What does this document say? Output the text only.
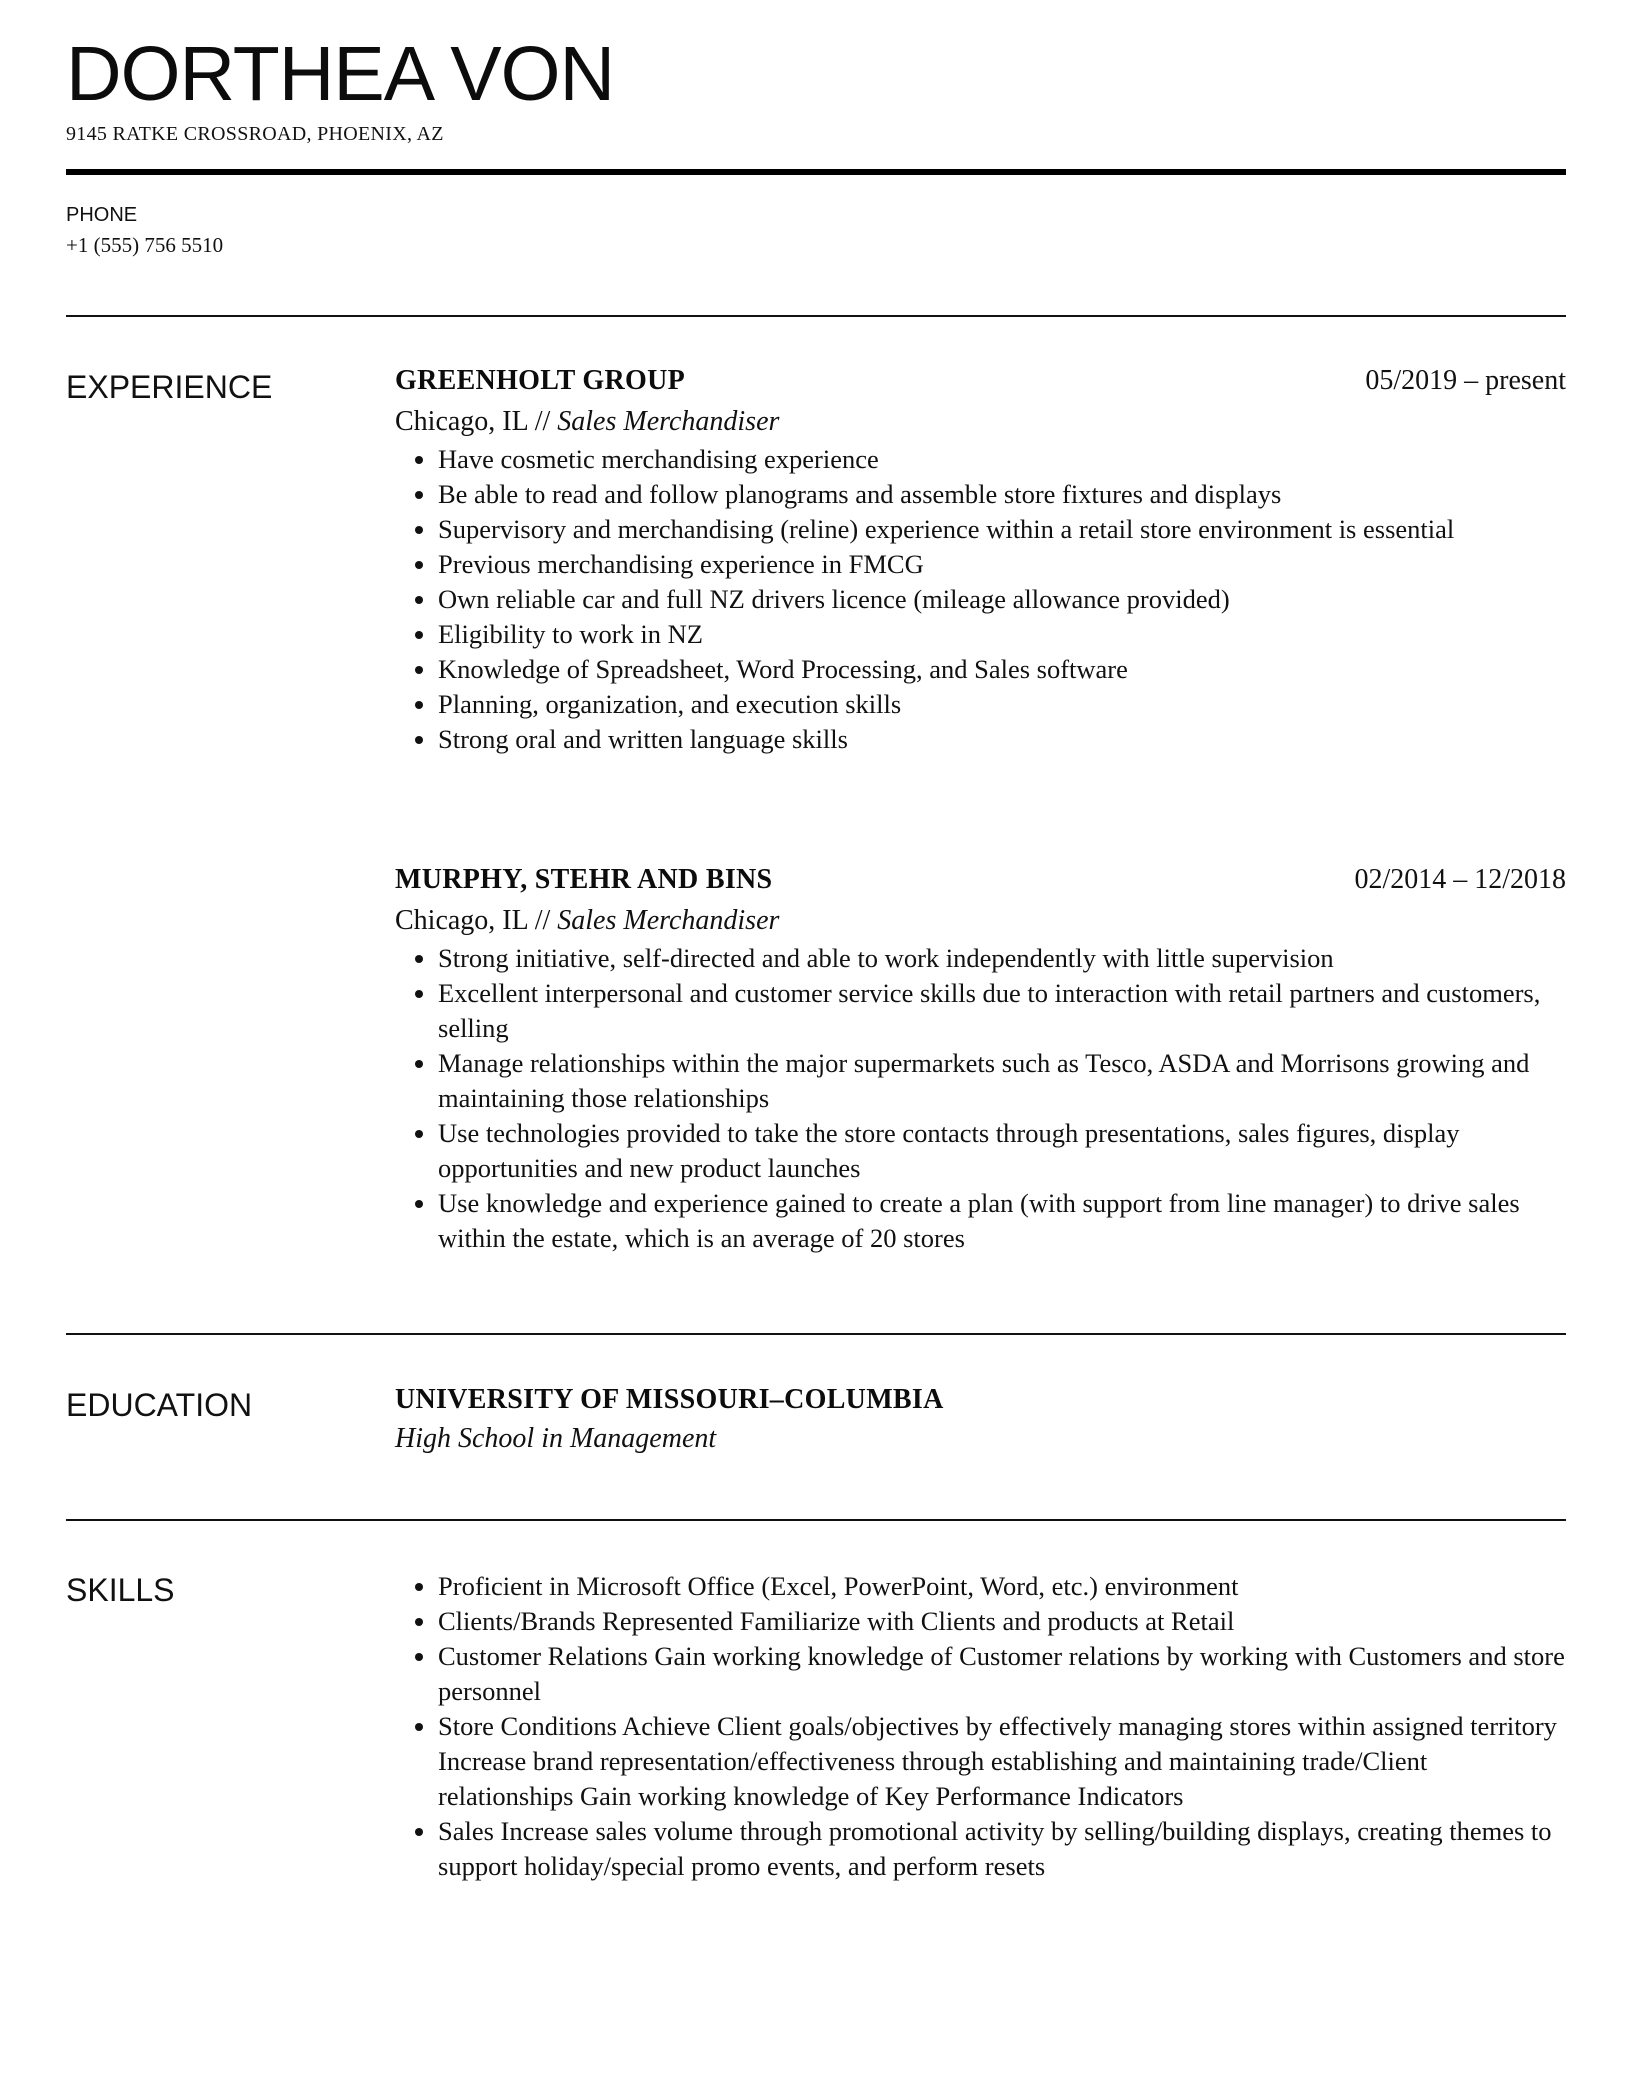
DORTHEA VON
9145 RATKE CROSSROAD, PHOENIX, AZ
PHONE
+1 (555) 756 5510
EXPERIENCE	GREENHOLT GROUP	05/2019 – present
Chicago, IL // Sales Merchandiser
Have cosmetic merchandising experience
Be able to read and follow planograms and assemble store fixtures and displays
Supervisory and merchandising (reline) experience within a retail store environment is essential
Previous merchandising experience in FMCG
Own reliable car and full NZ drivers licence (mileage allowance provided)
Eligibility to work in NZ
Knowledge of Spreadsheet, Word Processing, and Sales software
Planning, organization, and execution skills
Strong oral and written language skills
MURPHY, STEHR AND BINS	02/2014 – 12/2018
Chicago, IL // Sales Merchandiser
Strong initiative, self-directed and able to work independently with little supervision
Excellent interpersonal and customer service skills due to interaction with retail partners and customers, selling
Manage relationships within the major supermarkets such as Tesco, ASDA and Morrisons growing and maintaining those relationships
Use technologies provided to take the store contacts through presentations, sales figures, display opportunities and new product launches
Use knowledge and experience gained to create a plan (with support from line manager) to drive sales within the estate, which is an average of 20 stores
EDUCATION	UNIVERSITY OF MISSOURI–COLUMBIA
High School in Management
SKILLS	Proficient in Microsoft Office (Excel, PowerPoint, Word, etc.) environment
Clients/Brands Represented Familiarize with Clients and products at Retail
Customer Relations Gain working knowledge of Customer relations by working with Customers and store personnel
Store Conditions Achieve Client goals/objectives by effectively managing stores within assigned territory Increase brand representation/effectiveness through establishing and maintaining trade/Client relationships Gain working knowledge of Key Performance Indicators
Sales Increase sales volume through promotional activity by selling/building displays, creating themes to support holiday/special promo events, and perform resets
